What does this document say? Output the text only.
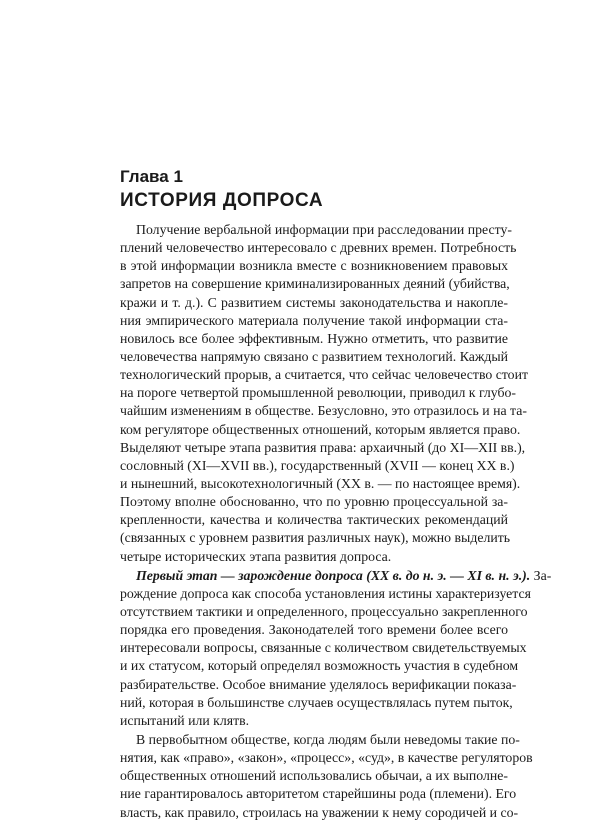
Глава 1
ИСТОРИЯ ДОПРОСА
Получение вербальной информации при расследовании престу-
плений человечество интересовало с древних времен. Потребность
в этой информации возникла вместе с возникновением правовых
запретов на совершение криминализированных деяний (убийства,
кражи и т. д.). С развитием системы законодательства и накопле-
ния эмпирического материала получение такой информации ста-
новилось все более эффективным. Нужно отметить, что развитие
человечества напрямую связано с развитием технологий. Каждый
технологический прорыв, а считается, что сейчас человечество стоит
на пороге четвертой промышленной революции, приводил к глубо-
чайшим изменениям в обществе. Безусловно, это отразилось и на та-
ком регуляторе общественных отношений, которым является право.
Выделяют четыре этапа развития права: архаичный (до XI—XII вв.),
сословный (XI—XVII вв.), государственный (XVII — конец XX в.)
и нынешний, высокотехнологичный (XX в. — по настоящее время).
Поэтому вполне обоснованно, что по уровню процессуальной за-
крепленности, качества и количества тактических рекомендаций
(связанных с уровнем развития различных наук), можно выделить
четыре исторических этапа развития допроса.
Первый этап — зарождение допроса (XX в. до н. э. — XI в. н. э.). За-
рождение допроса как способа установления истины характеризуется
отсутствием тактики и определенного, процессуально закрепленного
порядка его проведения. Законодателей того времени более всего
интересовали вопросы, связанные с количеством свидетельствуемых
и их статусом, который определял возможность участия в судебном
разбирательстве. Особое внимание уделялось верификации показа-
ний, которая в большинстве случаев осуществлялась путем пыток,
испытаний или клятв.
В первобытном обществе, когда людям были неведомы такие по-
нятия, как «право», «закон», «процесс», «суд», в качестве регуляторов
общественных отношений использовались обычаи, а их выполне-
ние гарантировалось авторитетом старейшины рода (племени). Его
власть, как правило, строилась на уважении к нему сородичей и со-
